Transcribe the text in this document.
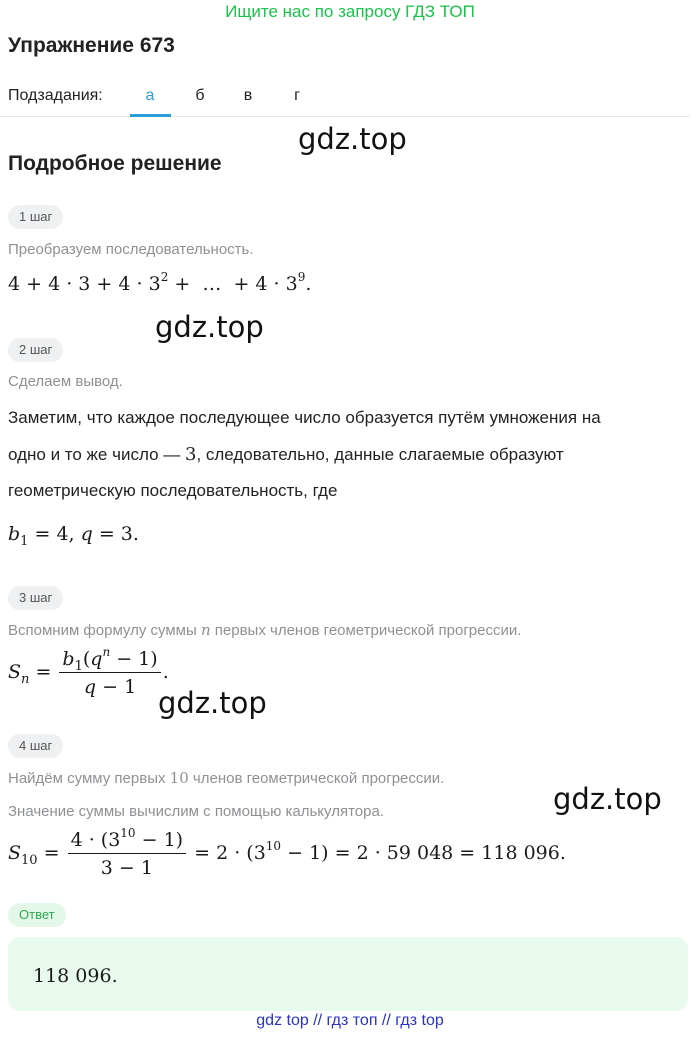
Ищите нас по запросу ГДЗ ТОП
Упражнение 673
Подзадания:	а	б	в	г
gdz.top
Подробное решение
1 шаг
Преобразуем последовательность.
$4 + 4 \cdot 3 + 4 \cdot 3^2$ +  …  + $4 \cdot 3^9$.
gdz.top
2 шаг
Сделаем вывод.
Заметим, что каждое последующее число образуется путём умножения на
одно и то же число — 3, следовательно, данные слагаемые образуют
геометрическую последовательность, где
$b_1 = 4$, q = 3.
3 шаг
Вспомним формулу суммы n первых членов геометрической прогрессии.
$S_n = \frac{b_1(q^n - 1)}{q - 1}$ .
gdz.top
4 шаг
Найдём сумму первых 10 членов геометрической прогрессии.
gdz.top
Значение суммы вычислим с помощью калькулятора.
$S_{10} = \frac{4 \cdot (3^{10} - 1)}{3 - 1} = 2 \cdot (3^{10} - 1) = 2 \cdot 59$ 048 = 118 096.
Ответ
118 096.
gdz top // гдз топ // гдз top
